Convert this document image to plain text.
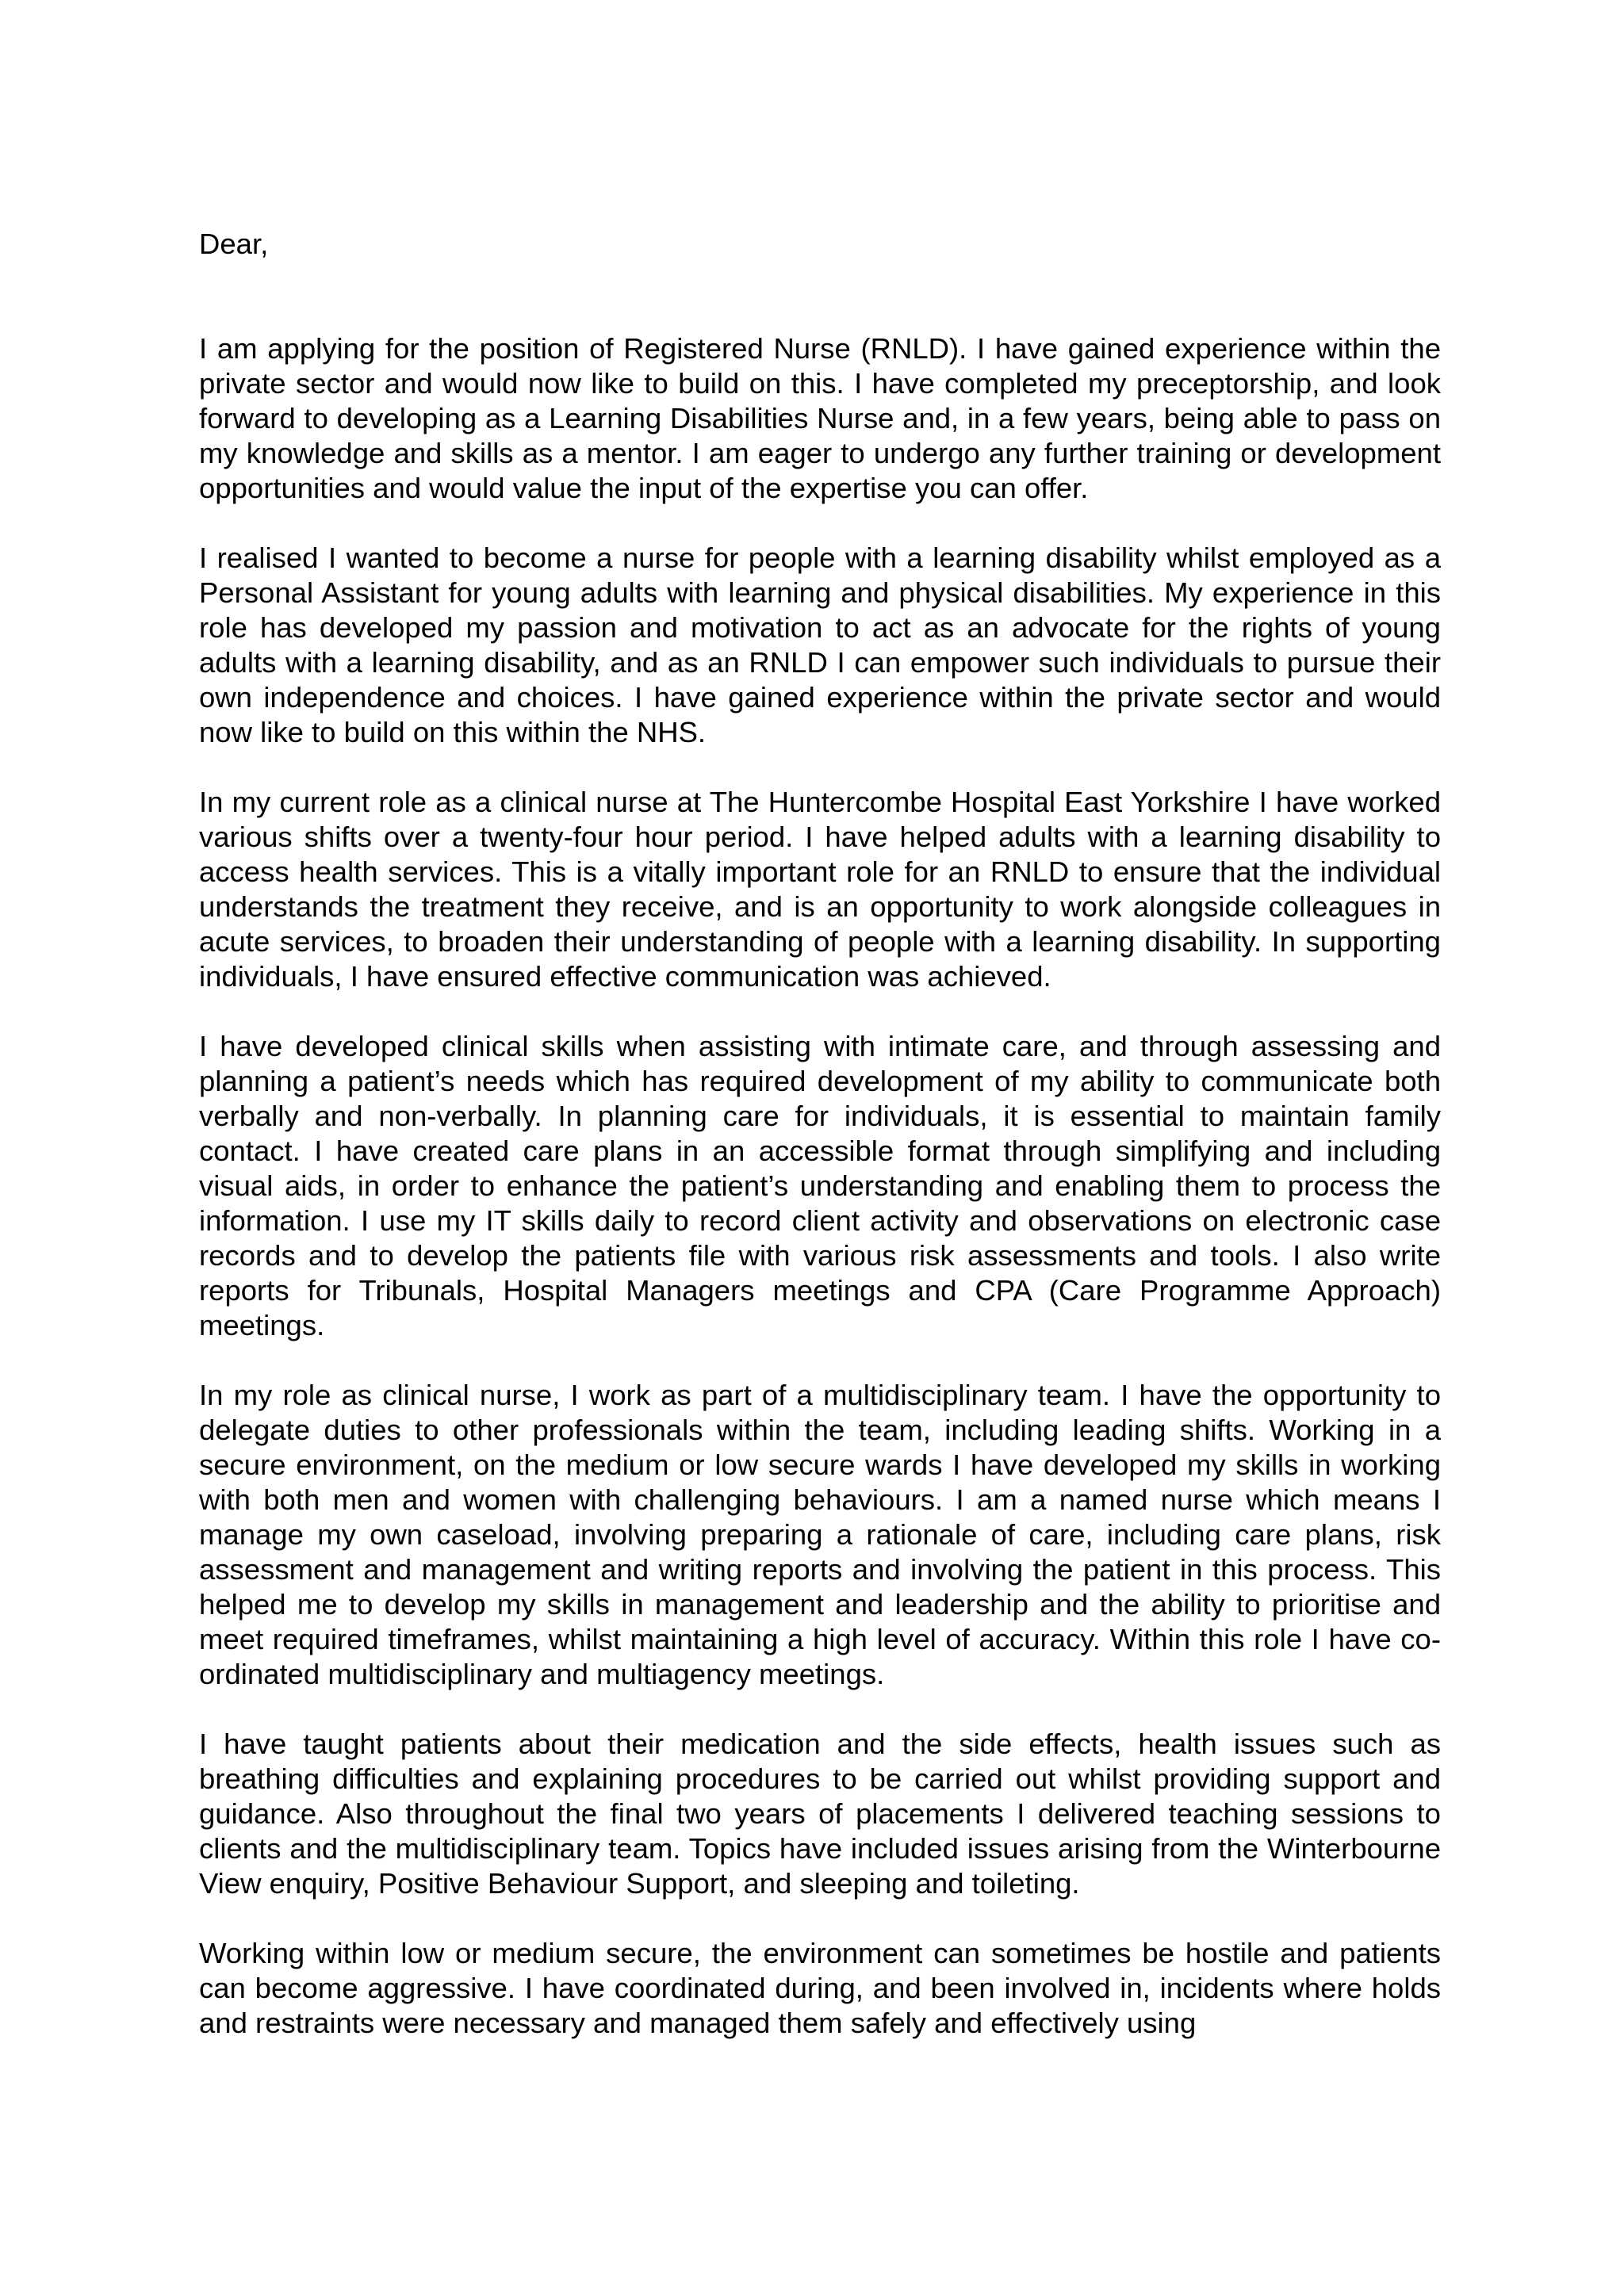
Dear,

I am applying for the position of Registered Nurse (RNLD). I have gained experience within the private sector and would now like to build on this. I have completed my preceptorship, and look forward to developing as a Learning Disabilities Nurse and, in a few years, being able to pass on my knowledge and skills as a mentor. I am eager to undergo any further training or development opportunities and would value the input of the expertise you can offer.

I realised I wanted to become a nurse for people with a learning disability whilst employed as a Personal Assistant for young adults with learning and physical disabilities. My experience in this role has developed my passion and motivation to act as an advocate for the rights of young adults with a learning disability, and as an RNLD I can empower such individuals to pursue their own independence and choices. I have gained experience within the private sector and would now like to build on this within the NHS.

In my current role as a clinical nurse at The Huntercombe Hospital East Yorkshire I have worked various shifts over a twenty-four hour period. I have helped adults with a learning disability to access health services. This is a vitally important role for an RNLD to ensure that the individual understands the treatment they receive, and is an opportunity to work alongside colleagues in acute services, to broaden their understanding of people with a learning disability. In supporting individuals, I have ensured effective communication was achieved.

I have developed clinical skills when assisting with intimate care, and through assessing and planning a patient’s needs which has required development of my ability to communicate both verbally and non-verbally. In planning care for individuals, it is essential to maintain family contact. I have created care plans in an accessible format through simplifying and including visual aids, in order to enhance the patient’s understanding and enabling them to process the information. I use my IT skills daily to record client activity and observations on electronic case records and to develop the patients file with various risk assessments and tools. I also write reports for Tribunals, Hospital Managers meetings and CPA (Care Programme Approach) meetings.

In my role as clinical nurse, I work as part of a multidisciplinary team. I have the opportunity to delegate duties to other professionals within the team, including leading shifts. Working in a secure environment, on the medium or low secure wards I have developed my skills in working with both men and women with challenging behaviours. I am a named nurse which means I manage my own caseload, involving preparing a rationale of care, including care plans, risk assessment and management and writing reports and involving the patient in this process. This helped me to develop my skills in management and leadership and the ability to prioritise and meet required timeframes, whilst maintaining a high level of accuracy. Within this role I have co-ordinated multidisciplinary and multiagency meetings.

I have taught patients about their medication and the side effects, health issues such as breathing difficulties and explaining procedures to be carried out whilst providing support and guidance. Also throughout the final two years of placements I delivered teaching sessions to clients and the multidisciplinary team. Topics have included issues arising from the Winterbourne View enquiry, Positive Behaviour Support, and sleeping and toileting.

Working within low or medium secure, the environment can sometimes be hostile and patients can become aggressive. I have coordinated during, and been involved in, incidents where holds and restraints were necessary and managed them safely and effectively using
